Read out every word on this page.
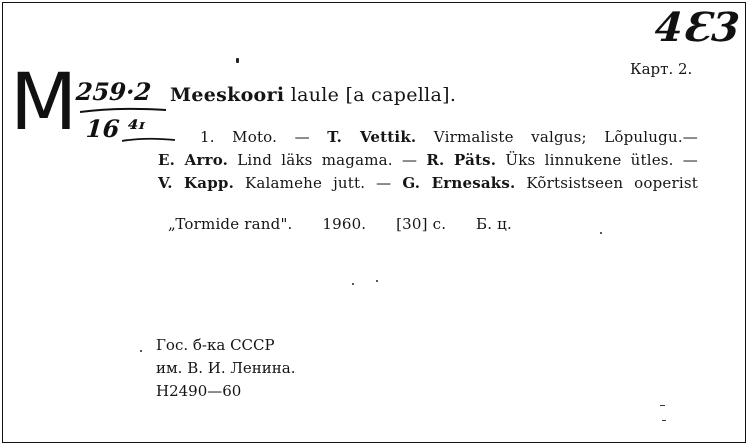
4Ɛ3
M 259·2
16 ⁴ᶦ
Карт. 2.
Meeskoori laule [a capella].
1. Moto. — T. Vettik. Virmaliste valgus; Lõpulugu.—
E. Arro. Lind läks magama. — R. Päts. Üks linnukene ütles. —
V. Kapp. Kalamehe jutt. — G. Ernesaks. Kõrtsistseen ooperist

„Tormide rand".      1960.      [30] c.      Б. ц.

Гос. б-ка СССР
им. В. И. Ленина.
Н2490—60
